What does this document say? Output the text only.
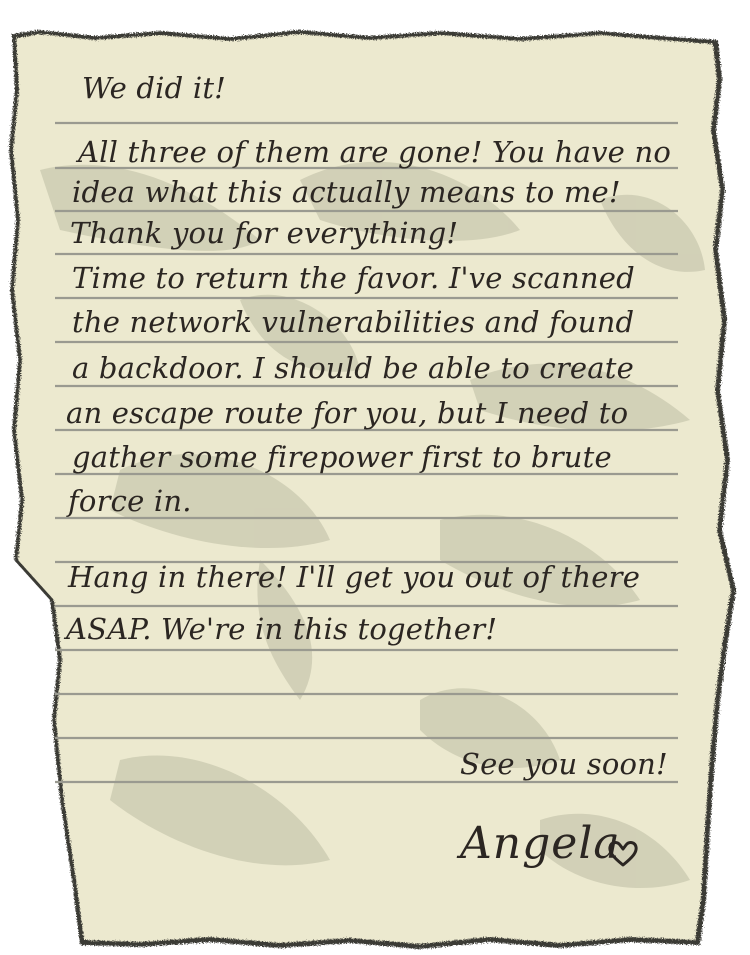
We did it!
All three of them are gone! You have no
idea what this actually means to me!
Thank you for everything!
Time to return the favor. I've scanned
the network vulnerabilities and found
a backdoor. I should be able to create
an escape route for you, but I need to
gather some firepower first to brute
force in.
Hang in there! I'll get you out of there
ASAP. We're in this together!
See you soon!
Angela
